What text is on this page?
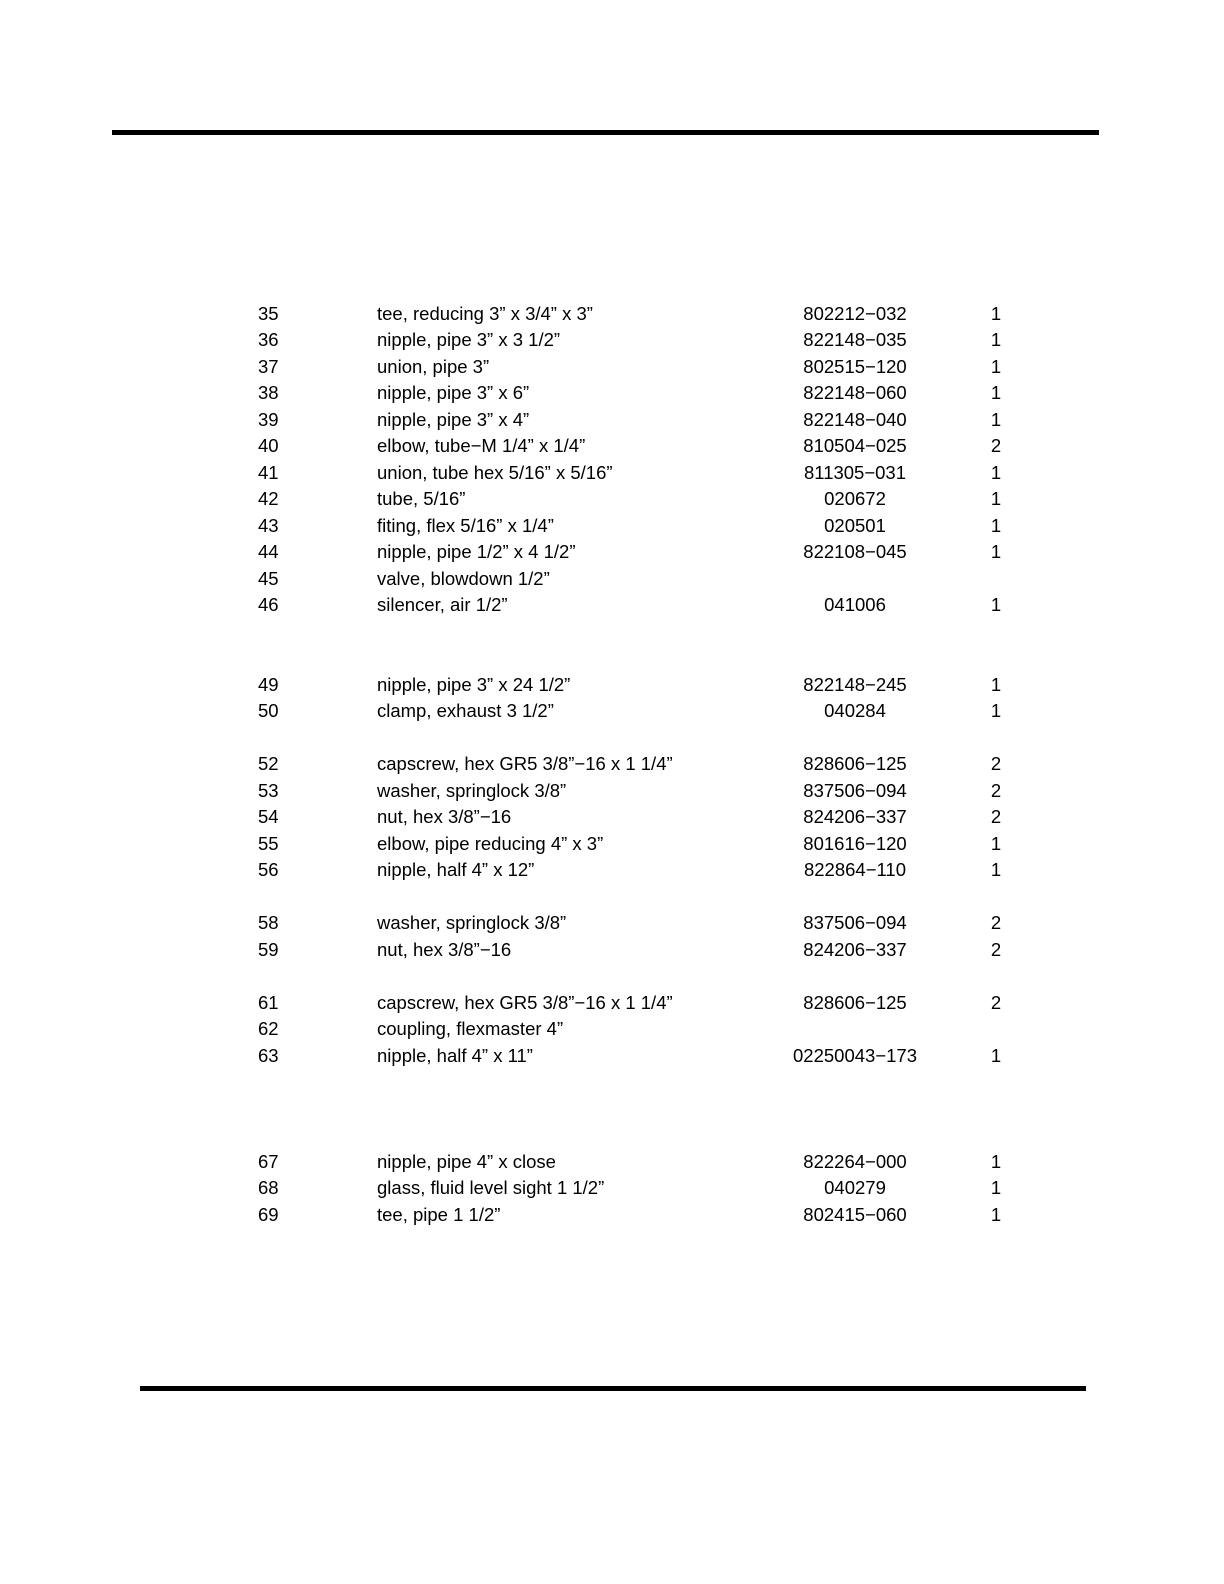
35	tee, reducing 3” x 3/4” x 3”	802212−032	1
36	nipple, pipe 3” x 3 1/2”	822148−035	1
37	union, pipe 3”	802515−120	1
38	nipple, pipe 3” x 6”	822148−060	1
39	nipple, pipe 3” x 4”	822148−040	1
40	elbow, tube−M 1/4” x 1/4”	810504−025	2
41	union, tube hex 5/16” x 5/16”	811305−031	1
42	tube, 5/16”	020672	1
43	fiting, flex 5/16” x 1/4”	020501	1
44	nipple, pipe 1/2” x 4 1/2”	822108−045	1
45	valve, blowdown 1/2”
46	silencer, air 1/2”	041006	1
49	nipple, pipe 3” x 24 1/2”	822148−245	1
50	clamp, exhaust 3 1/2”	040284	1
52	capscrew, hex GR5 3/8”−16 x 1 1/4”	828606−125	2
53	washer, springlock 3/8”	837506−094	2
54	nut, hex 3/8”−16	824206−337	2
55	elbow, pipe reducing 4” x 3”	801616−120	1
56	nipple, half 4” x 12”	822864−110	1
58	washer, springlock 3/8”	837506−094	2
59	nut, hex 3/8”−16	824206−337	2
61	capscrew, hex GR5 3/8”−16 x 1 1/4”	828606−125	2
62	coupling, flexmaster 4”
63	nipple, half 4” x 11”	02250043−173	1
67	nipple, pipe 4” x close	822264−000	1
68	glass, fluid level sight 1 1/2”	040279	1
69	tee, pipe 1 1/2”	802415−060	1
